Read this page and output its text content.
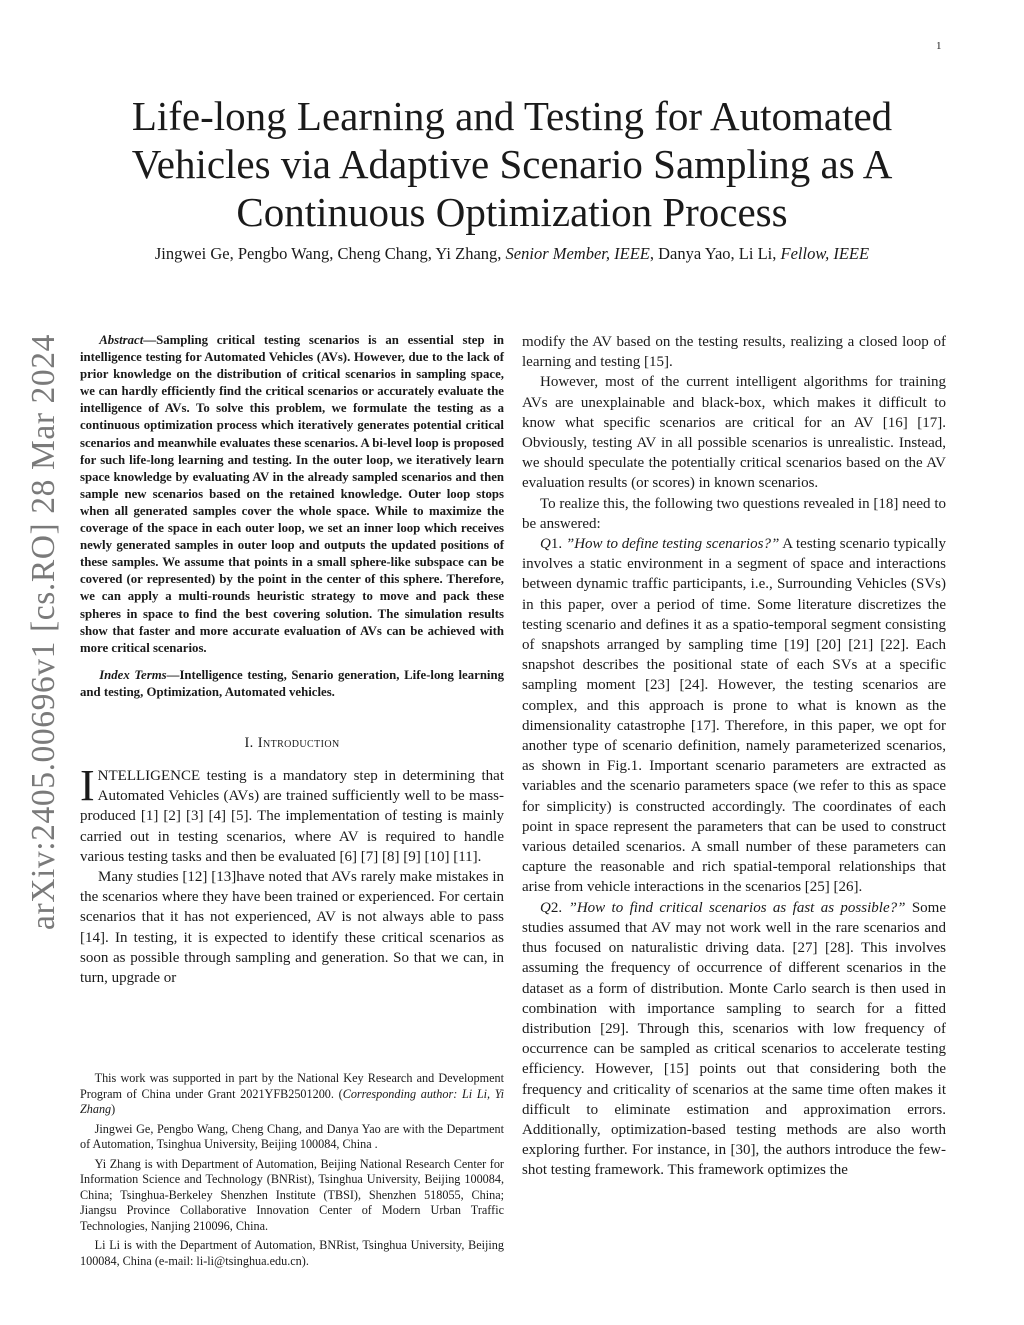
1
arXiv:2405.00696v1 [cs.RO] 28 Mar 2024
Life-long Learning and Testing for Automated
Vehicles via Adaptive Scenario Sampling as A
Continuous Optimization Process
Jingwei Ge, Pengbo Wang, Cheng Chang, Yi Zhang, Senior Member, IEEE, Danya Yao, Li Li, Fellow, IEEE

Abstract—Sampling critical testing scenarios is an essential step in intelligence testing for Automated Vehicles (AVs). However, due to the lack of prior knowledge on the distribution of critical scenarios in sampling space, we can hardly efficiently find the critical scenarios or accurately evaluate the intelligence of AVs. To solve this problem, we formulate the testing as a continuous optimization process which iteratively generates potential critical scenarios and meanwhile evaluates these scenarios. A bi-level loop is proposed for such life-long learning and testing. In the outer loop, we iteratively learn space knowledge by evaluating AV in the already sampled scenarios and then sample new scenarios based on the retained knowledge. Outer loop stops when all generated samples cover the whole space. While to maximize the coverage of the space in each outer loop, we set an inner loop which receives newly generated samples in outer loop and outputs the updated positions of these samples. We assume that points in a small sphere-like subspace can be covered (or represented) by the point in the center of this sphere. Therefore, we can apply a multi-rounds heuristic strategy to move and pack these spheres in space to find the best covering solution. The simulation results show that faster and more accurate evaluation of AVs can be achieved with more critical scenarios.

Index Terms—Intelligence testing, Senario generation, Life-long learning and testing, Optimization, Automated vehicles.

I. Introduction

INTELLIGENCE testing is a mandatory step in determining that Automated Vehicles (AVs) are trained sufficiently well to be mass-produced [1] [2] [3] [4] [5]. The implementation of testing is mainly carried out in testing scenarios, where AV is required to handle various testing tasks and then be evaluated [6] [7] [8] [9] [10] [11].

Many studies [12] [13]have noted that AVs rarely make mistakes in the scenarios where they have been trained or experienced. For certain scenarios that it has not experienced, AV is not always able to pass [14]. In testing, it is expected to identify these critical scenarios as soon as possible through sampling and generation. So that we can, in turn, upgrade or

This work was supported in part by the National Key Research and Development Program of China under Grant 2021YFB2501200. (Corresponding author: Li Li, Yi Zhang)

Jingwei Ge, Pengbo Wang, Cheng Chang, and Danya Yao are with the Department of Automation, Tsinghua University, Beijing 100084, China .

Yi Zhang is with Department of Automation, Beijing National Research Center for Information Science and Technology (BNRist), Tsinghua University, Beijing 100084, China; Tsinghua-Berkeley Shenzhen Institute (TBSI), Shenzhen 518055, China; Jiangsu Province Collaborative Innovation Center of Modern Urban Traffic Technologies, Nanjing 210096, China.

Li Li is with the Department of Automation, BNRist, Tsinghua University, Beijing 100084, China (e-mail: li-li@tsinghua.edu.cn).

modify the AV based on the testing results, realizing a closed loop of learning and testing [15].

However, most of the current intelligent algorithms for training AVs are unexplainable and black-box, which makes it difficult to know what specific scenarios are critical for an AV [16] [17]. Obviously, testing AV in all possible scenarios is unrealistic. Instead, we should speculate the potentially critical scenarios based on the AV evaluation results (or scores) in known scenarios.

To realize this, the following two questions revealed in [18] need to be answered:

Q1. ”How to define testing scenarios?” A testing scenario typically involves a static environment in a segment of space and interactions between dynamic traffic participants, i.e., Surrounding Vehicles (SVs) in this paper, over a period of time. Some literature discretizes the testing scenario and defines it as a spatio-temporal segment consisting of snapshots arranged by sampling time [19] [20] [21] [22]. Each snapshot describes the positional state of each SVs at a specific sampling moment [23] [24]. However, the testing scenarios are complex, and this approach is prone to what is known as the dimensionality catastrophe [17]. Therefore, in this paper, we opt for another type of scenario definition, namely parameterized scenarios, as shown in Fig.1. Important scenario parameters are extracted as variables and the scenario parameters space (we refer to this as space for simplicity) is constructed accordingly. The coordinates of each point in space represent the parameters that can be used to construct various detailed scenarios. A small number of these parameters can capture the reasonable and rich spatial-temporal relationships that arise from vehicle interactions in the scenarios [25] [26].

Q2. ”How to find critical scenarios as fast as possible?” Some studies assumed that AV may not work well in the rare scenarios and thus focused on naturalistic driving data. [27] [28]. This involves assuming the frequency of occurrence of different scenarios in the dataset as a form of distribution. Monte Carlo search is then used in combination with importance sampling to search for a fitted distribution [29]. Through this, scenarios with low frequency of occurrence can be sampled as critical scenarios to accelerate testing efficiency. However, [15] points out that considering both the frequency and criticality of scenarios at the same time often makes it difficult to eliminate estimation and approximation errors. Additionally, optimization-based testing methods are also worth exploring further. For instance, in [30], the authors introduce the few-shot testing framework. This framework optimizes the
